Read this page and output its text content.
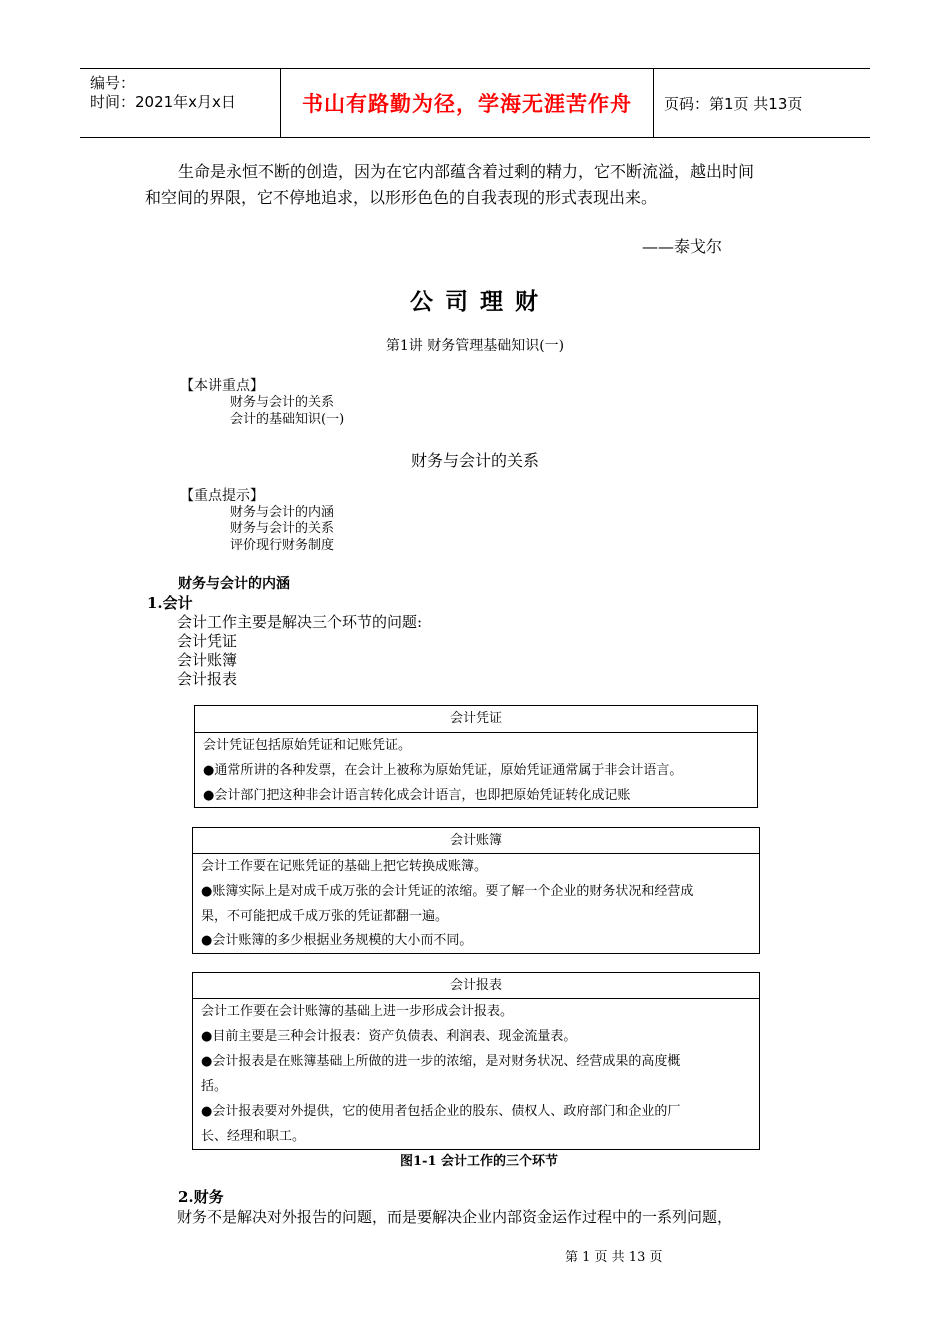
编号：
时间：2021年x月x日	书山有路勤为径，学海无涯苦作舟	页码：第1页 共13页
生命是永恒不断的创造，因为在它内部蕴含着过剩的精力，它不断流溢，越出时间
和空间的界限，它不停地追求，以形形色色的自我表现的形式表现出来。
——泰戈尔
公 司 理 财
第1讲 财务管理基础知识(一)
【本讲重点】
财务与会计的关系
会计的基础知识(一)
财务与会计的关系
【重点提示】
财务与会计的内涵
财务与会计的关系
评价现行财务制度
财务与会计的内涵
1.会计
会计工作主要是解决三个环节的问题:
会计凭证
会计账簿
会计报表
会计凭证
会计凭证包括原始凭证和记账凭证。
●通常所讲的各种发票，在会计上被称为原始凭证，原始凭证通常属于非会计语言。
●会计部门把这种非会计语言转化成会计语言，也即把原始凭证转化成记账
会计账簿
会计工作要在记账凭证的基础上把它转换成账簿。
●账簿实际上是对成千成万张的会计凭证的浓缩。要了解一个企业的财务状况和经营成
果，不可能把成千成万张的凭证都翻一遍。
●会计账簿的多少根据业务规模的大小而不同。
会计报表
会计工作要在会计账簿的基础上进一步形成会计报表。
●目前主要是三种会计报表：资产负债表、利润表、现金流量表。
●会计报表是在账簿基础上所做的进一步的浓缩，是对财务状况、经营成果的高度概
括。
●会计报表要对外提供，它的使用者包括企业的股东、债权人、政府部门和企业的厂
长、经理和职工。
图1-1 会计工作的三个环节
2.财务
财务不是解决对外报告的问题，而是要解决企业内部资金运作过程中的一系列问题，
第 1 页 共 13 页
